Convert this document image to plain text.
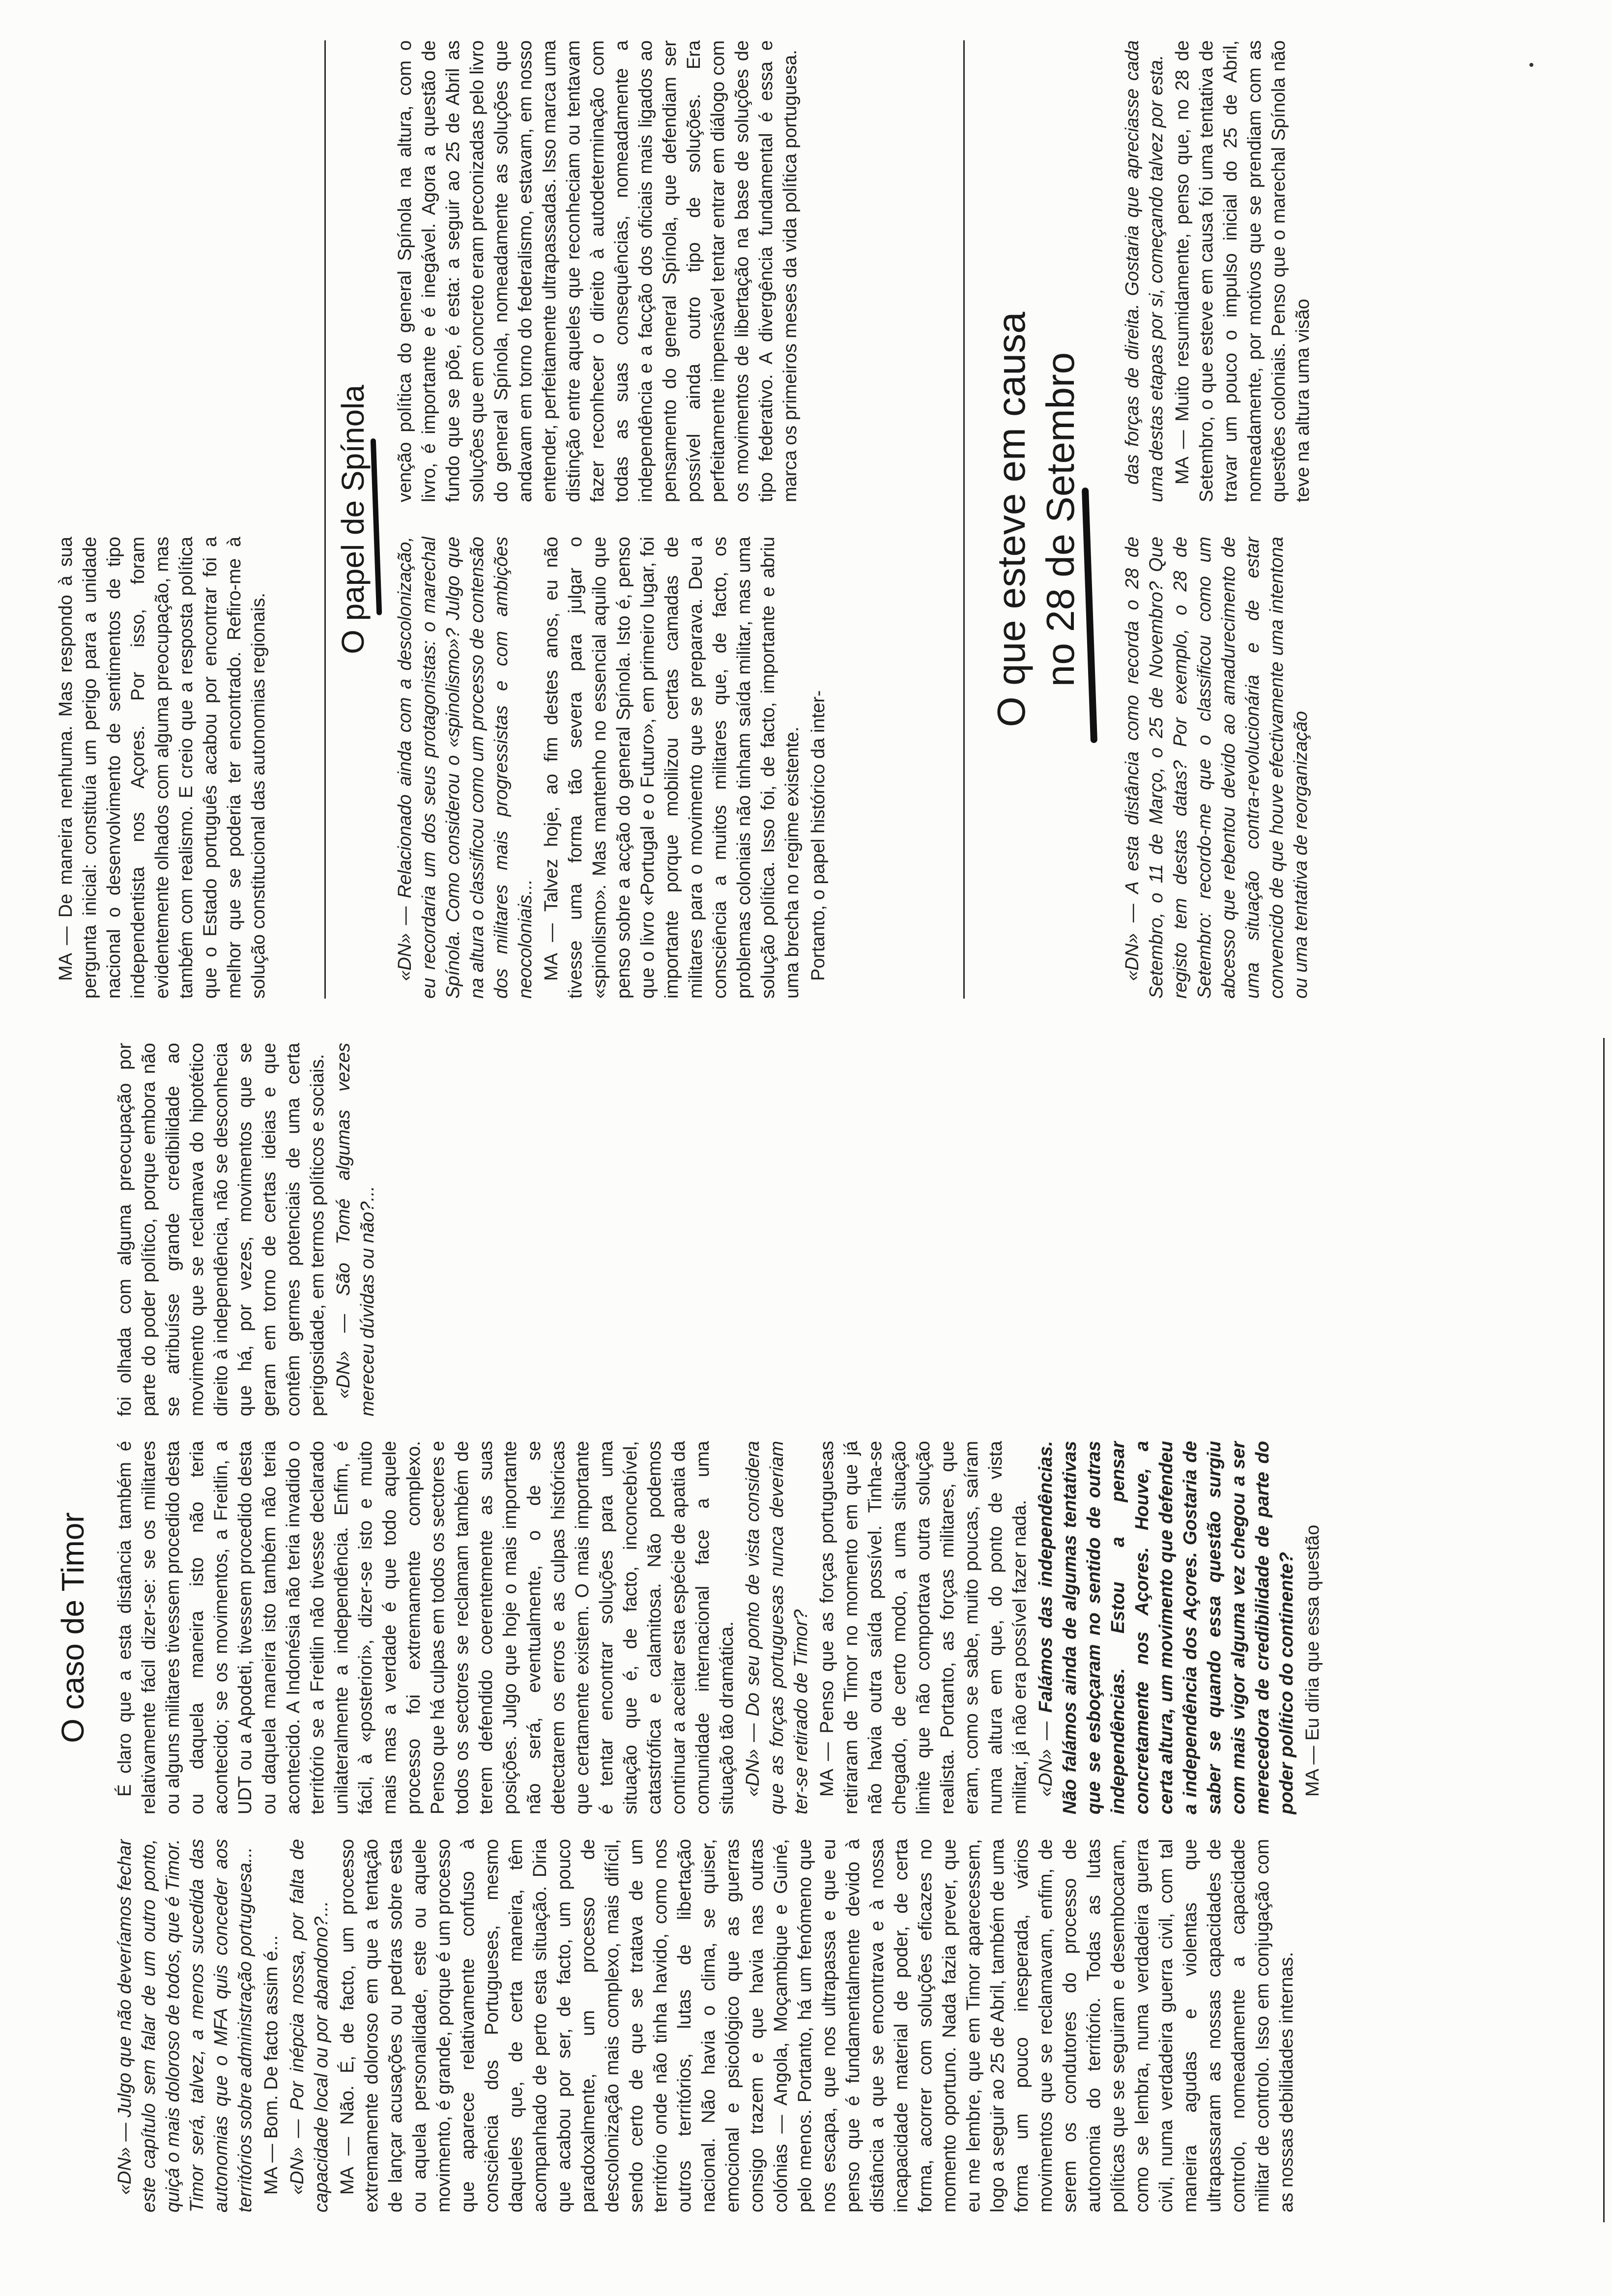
O caso de Timor
O papel de Spínola	O que esteve em causa no 28 de Setembro

«DN» — Julgo que não deveríamos fechar este capítulo sem falar de um outro ponto, quiçá o mais doloroso de todos, que é Timor. Timor será, talvez, a menos sucedida das autonomias que o MFA quis conceder aos territórios sobre administração portuguesa... MA — Bom. De facto assim é... «DN» — Por inépcia nossa, por falta de capacidade local ou por abandono?... MA — Não. É, de facto, um processo extremamente doloroso em que a tentação de lançar acusações ou pedras sobre esta ou aquela personalidade, este ou aquele movimento, é grande, porque é um processo que aparece relativamente confuso à consciência dos Portugueses, mesmo daqueles que, de certa maneira, têm acompanhado de perto esta situação. Diria que acabou por ser, de facto, um pouco paradoxalmente, um processo de descolonização mais complexo, mais difícil, sendo certo de que se tratava de um território onde não tinha havido, como nos outros territórios, lutas de libertação nacional. Não havia o clima, se quiser, emocional e psicológico que as guerras consigo trazem e que havia nas outras colónias — Angola, Moçambique e Guiné, pelo menos. Portanto, há um fenómeno que nos escapa, que nos ultrapassa e que eu penso que é fundamentalmente devido à distância a que se encontrava e à nossa incapacidade material de poder, de certa forma, acorrer com soluções eficazes no momento oportuno. Nada fazia prever, que eu me lembre, que em Timor aparecessem, logo a seguir ao 25 de Abril, também de uma forma um pouco inesperada, vários movimentos que se reclamavam, enfim, de serem os condutores do processo de autonomia do território. Todas as lutas políticas que se seguiram e desembocaram, como se lembra, numa verdadeira guerra civil, numa verdadeira guerra civil, com tal maneira agudas e violentas que ultrapassaram as nossas capacidades de controlo, nomeadamente a capacidade militar de controlo. Isso em conjugação com as nossas debilidades internas.

É claro que a esta distância também é relativamente fácil dizer-se: se os militares ou alguns militares tivessem procedido desta ou daquela maneira isto não teria acontecido; se os movimentos, a Freitlin, a UDT ou a Apodeti, tivessem procedido desta ou daquela maneira isto também não teria acontecido. A Indonésia não teria invadido o território se a Freitlin não tivesse declarado unilateralmente a independência. Enfim, é fácil, à «posteriori», dizer-se isto e muito mais mas a verdade é que todo aquele processo foi extremamente complexo. Penso que há culpas em todos os sectores e todos os sectores se reclamam também de terem defendido coerentemente as suas posições. Julgo que hoje o mais importante não será, eventualmente, o de se detectarem os erros e as culpas históricas que certamente existem. O mais importante é tentar encontrar soluções para uma situação que é, de facto, inconcebível, catastrófica e calamitosa. Não podemos continuar a aceitar esta espécie de apatia da comunidade internacional face a uma situação tão dramática. «DN» — Do seu ponto de vista considera que as forças portuguesas nunca deveriam ter-se retirado de Timor? MA — Penso que as forças portuguesas retiraram de Timor no momento em que já não havia outra saída possível. Tinha-se chegado, de certo modo, a uma situação limite que não comportava outra solução realista. Portanto, as forças militares, que eram, como se sabe, muito poucas, saíram numa altura em que, do ponto de vista militar, já não era possível fazer nada. «DN» — Falámos das independências. Não falámos ainda de algumas tentativas que se esboçaram no sentido de outras independências. Estou a pensar concretamente nos Açores. Houve, a certa altura, um movimento que defendeu a independência dos Açores. Gostaria de saber se quando essa questão surgiu com mais vigor alguma vez chegou a ser merecedora de credibilidade de parte do poder político do continente? MA — Eu diria que essa questão

foi olhada com alguma preocupação por parte do poder político, porque embora não se atribuísse grande credibilidade ao movimento que se reclamava do hipotético direito à independência, não se desconhecia que há, por vezes, movimentos que se geram em torno de certas ideias e que contêm germes potenciais de uma certa perigosidade, em termos políticos e sociais. «DN» — São Tomé algumas vezes mereceu dúvidas ou não?...

MA — De maneira nenhuma. Mas respondo à sua pergunta inicial: constituía um perigo para a unidade nacional o desenvolvimento de sentimentos de tipo independentista nos Açores. Por isso, foram evidentemente olhados com alguma preocupação, mas também com realismo. E creio que a resposta política que o Estado português acabou por encontrar foi a melhor que se poderia ter encontrado. Refiro-me à solução constitucional das autonomias regionais.	«DN» — Relacionado ainda com a descolonização, eu recordaria um dos seus protagonistas: o marechal Spínola. Como considerou o «spinolismo»? Julgo que na altura o classificou como um processo de contensão dos militares mais progressistas e com ambições neocoloniais... MA — Talvez hoje, ao fim destes anos, eu não tivesse uma forma tão severa para julgar o «spinolismo». Mas mantenho no essencial aquilo que penso sobre a acção do general Spínola. Isto é, penso que o livro «Portugal e o Futuro», em primeiro lugar, foi importante porque mobilizou certas camadas de militares para o movimento que se preparava. Deu a consciência a muitos militares que, de facto, os problemas coloniais não tinham saída militar, mas uma solução política. Isso foi, de facto, importante e abriu uma brecha no regime existente. Portanto, o papel histórico da inter-

venção política do general Spínola na altura, com o livro, é importante e é inegável. Agora a questão de fundo que se põe, é esta: a seguir ao 25 de Abril as soluções que em concreto eram preconizadas pelo livro do general Spínola, nomeadamente as soluções que andavam em torno do federalismo, estavam, em nosso entender, perfeitamente ultrapassadas. Isso marca uma distinção entre aqueles que reconheciam ou tentavam fazer reconhecer o direito à autodeterminação com todas as suas consequências, nomeadamente a independência e a facção dos oficiais mais ligados ao pensamento do general Spínola, que defendiam ser possível ainda outro tipo de soluções. Era perfeitamente impensável tentar entrar em diálogo com os movimentos de libertação na base de soluções de tipo federativo. A divergência fundamental é essa e marca os primeiros meses da vida política portuguesa.

«DN» — A esta distância como recorda o 28 de Setembro, o 11 de Março, o 25 de Novembro? Que registo tem destas datas? Por exemplo, o 28 de Setembro: recordo-me que o classificou como um abcesso que rebentou devido ao amadurecimento de uma situação contra-revolucionária e de estar convencido de que houve efectivamente uma intentona ou uma tentativa de reorganização

das forças de direita. Gostaria que apreciasse cada uma destas etapas por si, começando talvez por esta. MA — Muito resumidamente, penso que, no 28 de Setembro, o que esteve em causa foi uma tentativa de travar um pouco o impulso inicial do 25 de Abril, nomeadamente, por motivos que se prendiam com as questões coloniais. Penso que o marechal Spínola não teve na altura uma visão
